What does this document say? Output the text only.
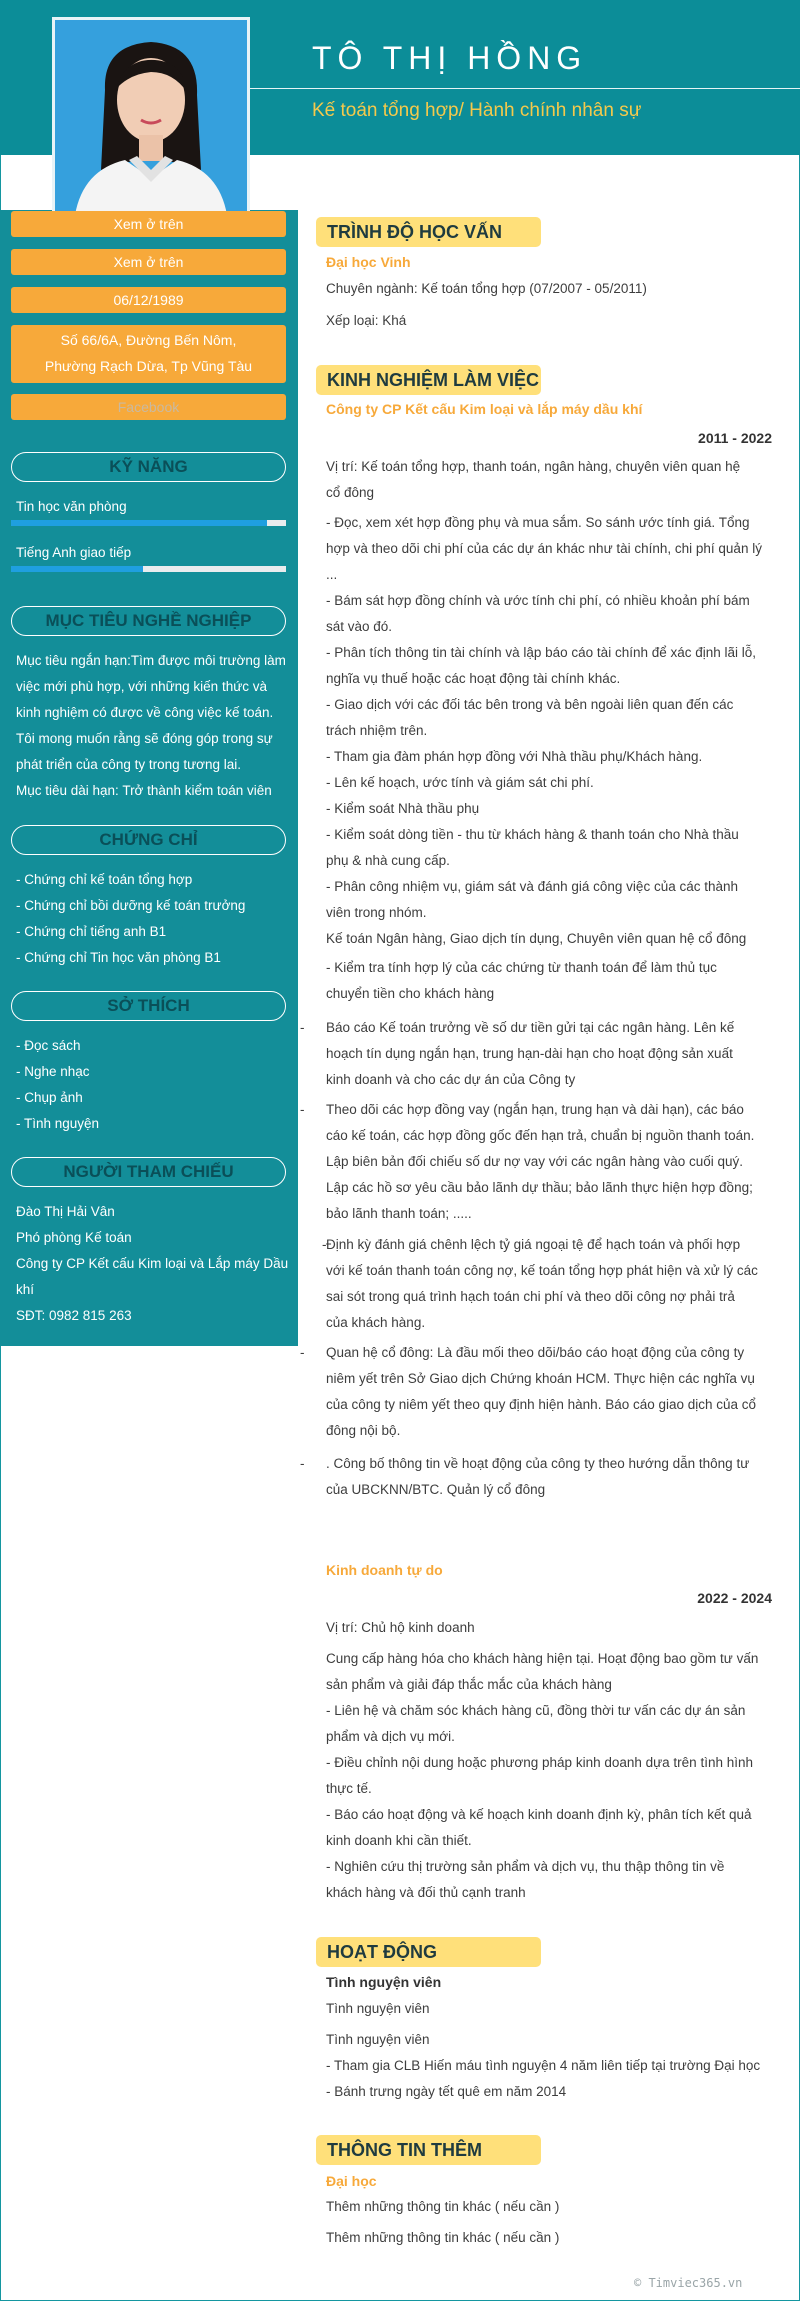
TÔ THỊ HỒNG
Kế toán tổng hợp/ Hành chính nhân sự
Xem ở trên
Xem ở trên
06/12/1989
Số 66/6A, Đường Bến Nôm,
Phường Rạch Dừa, Tp Vũng Tàu
Facebook
KỸ NĂNG
Tin học văn phòng
Tiếng Anh giao tiếp
MỤC TIÊU NGHỀ NGHIỆP
Mục tiêu ngắn hạn:Tìm được môi trường làm
việc mới phù hợp, với những kiến thức và
kinh nghiệm có được về công việc kế toán.
Tôi mong muốn rằng sẽ đóng góp trong sự
phát triển của công ty trong tương lai.
Mục tiêu dài hạn: Trở thành kiểm toán viên
CHỨNG CHỈ
- Chứng chỉ kế toán tổng hợp
- Chứng chỉ bồi dưỡng kế toán trưởng
- Chứng chỉ tiếng anh B1
- Chứng chỉ Tin học văn phòng B1
SỞ THÍCH
- Đọc sách
- Nghe nhạc
- Chụp ảnh
- Tình nguyện
NGƯỜI THAM CHIẾU
Đào Thị Hải Vân
Phó phòng Kế toán
Công ty CP Kết cấu Kim loại và Lắp máy Dầu
khí
SĐT: 0982 815 263
TRÌNH ĐỘ HỌC VẤN
Đại học Vinh
Chuyên ngành: Kế toán tổng hợp (07/2007 - 05/2011)
Xếp loại: Khá
KINH NGHIỆM LÀM VIỆC
Công ty CP Kết cấu Kim loại và lắp máy dầu khí
2011 - 2022
Vị trí: Kế toán tổng hợp, thanh toán, ngân hàng, chuyên viên quan hệ
cổ đông
- Đọc, xem xét hợp đồng phụ và mua sắm. So sánh ước tính giá. Tổng
hợp và theo dõi chi phí của các dự án khác như tài chính, chi phí quản lý
...
- Bám sát hợp đồng chính và ước tính chi phí, có nhiều khoản phí bám
sát vào đó.
- Phân tích thông tin tài chính và lập báo cáo tài chính để xác định lãi lỗ,
nghĩa vụ thuế hoặc các hoạt động tài chính khác.
- Giao dịch với các đối tác bên trong và bên ngoài liên quan đến các
trách nhiệm trên.
- Tham gia đàm phán hợp đồng với Nhà thầu phụ/Khách hàng.
- Lên kế hoạch, ước tính và giám sát chi phí.
- Kiểm soát Nhà thầu phụ
- Kiểm soát dòng tiền - thu từ khách hàng & thanh toán cho Nhà thầu
phụ & nhà cung cấp.
- Phân công nhiệm vụ, giám sát và đánh giá công việc của các thành
viên trong nhóm.
Kế toán Ngân hàng, Giao dịch tín dụng, Chuyên viên quan hệ cổ đông
- Kiểm tra tính hợp lý của các chứng từ thanh toán để làm thủ tục
chuyển tiền cho khách hàng
- Báo cáo Kế toán trưởng về số dư tiền gửi tại các ngân hàng. Lên kế
hoạch tín dụng ngắn hạn, trung hạn-dài hạn cho hoạt động sản xuất
kinh doanh và cho các dự án của Công ty
- Theo dõi các hợp đồng vay (ngắn hạn, trung hạn và dài hạn), các báo
cáo kế toán, các hợp đồng gốc đến hạn trả, chuẩn bị nguồn thanh toán.
Lập biên bản đối chiếu số dư nợ vay với các ngân hàng vào cuối quý.
Lập các hồ sơ yêu cầu bảo lãnh dự thầu; bảo lãnh thực hiện hợp đồng;
bảo lãnh thanh toán; .....
- Định kỳ đánh giá chênh lệch tỷ giá ngoại tệ để hạch toán và phối hợp
với kế toán thanh toán công nợ, kế toán tổng hợp phát hiện và xử lý các
sai sót trong quá trình hạch toán chi phí và theo dõi công nợ phải trả
của khách hàng.
- Quan hệ cổ đông: Là đầu mối theo dõi/báo cáo hoạt động của công ty
niêm yết trên Sở Giao dịch Chứng khoán HCM. Thực hiện các nghĩa vụ
của công ty niêm yết theo quy định hiện hành. Báo cáo giao dịch của cổ
đông nội bộ.
- . Công bố thông tin về hoạt động của công ty theo hướng dẫn thông tư
của UBCKNN/BTC. Quản lý cổ đông
Kinh doanh tự do
2022 - 2024
Vị trí: Chủ hộ kinh doanh
Cung cấp hàng hóa cho khách hàng hiện tại. Hoạt động bao gồm tư vấn
sản phẩm và giải đáp thắc mắc của khách hàng
- Liên hệ và chăm sóc khách hàng cũ, đồng thời tư vấn các dự án sản
phẩm và dịch vụ mới.
- Điều chỉnh nội dung hoặc phương pháp kinh doanh dựa trên tình hình
thực tế.
- Báo cáo hoạt động và kế hoạch kinh doanh định kỳ, phân tích kết quả
kinh doanh khi cần thiết.
- Nghiên cứu thị trường sản phẩm và dịch vụ, thu thập thông tin về
khách hàng và đối thủ cạnh tranh
HOẠT ĐỘNG
Tình nguyện viên
Tình nguyện viên
Tình nguyện viên
- Tham gia CLB Hiến máu tình nguyện 4 năm liên tiếp tại trường Đại học
- Bánh trưng ngày tết quê em năm 2014
THÔNG TIN THÊM
Đại học
Thêm những thông tin khác ( nếu cần )
Thêm những thông tin khác ( nếu cần )
© Timviec365.vn
